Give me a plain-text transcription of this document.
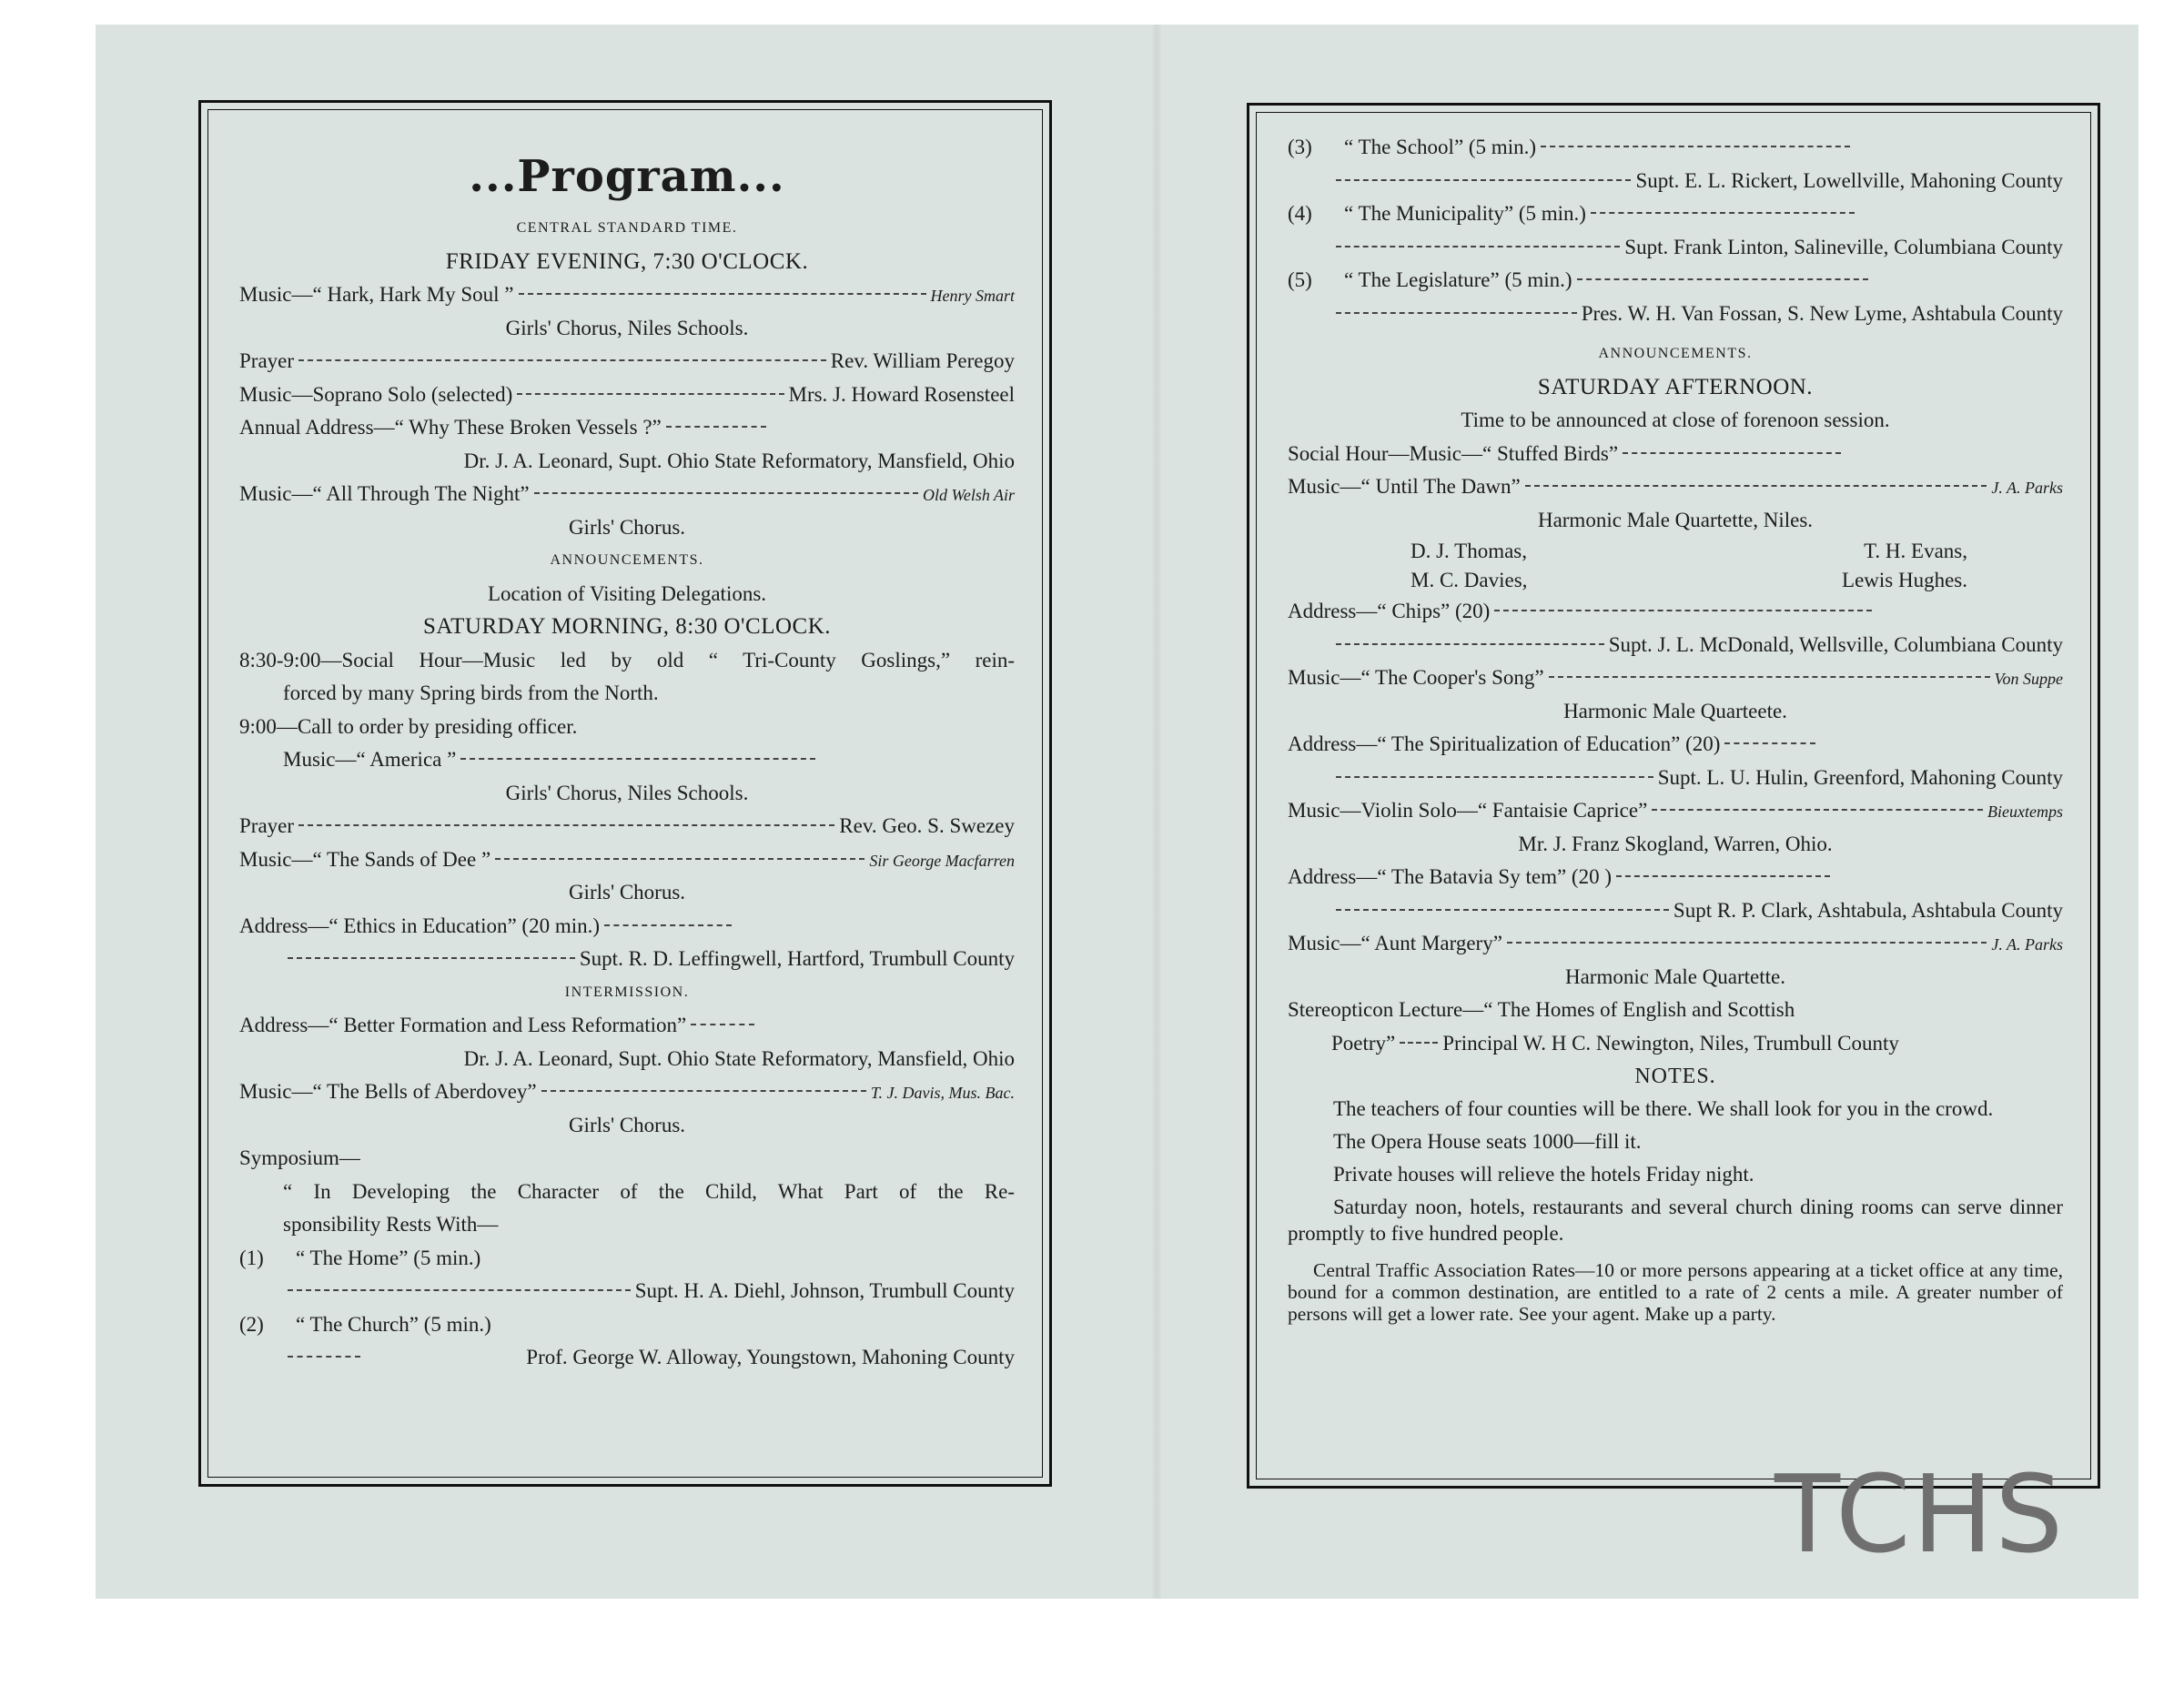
...Program...
CENTRAL STANDARD TIME.
FRIDAY EVENING, 7:30 O'CLOCK.
Music—“ Hark, Hark My Soul ”	Henry Smart
Girls' Chorus, Niles Schools.
Prayer	Rev. William Peregoy
Music—Soprano Solo (selected)	Mrs. J. Howard Rosensteel
Annual Address—“ Why These Broken Vessels ?”
Dr. J. A. Leonard, Supt. Ohio State Reformatory, Mansfield, Ohio
Music—“ All Through The Night”	Old Welsh Air
Girls' Chorus.
ANNOUNCEMENTS.
Location of Visiting Delegations.
SATURDAY MORNING, 8:30 O'CLOCK.
8:30-9:00—Social Hour—Music led by old “ Tri-County Goslings,” rein-
forced by many Spring birds from the North.
9:00—Call to order by presiding officer.
Music—“ America ”
Girls' Chorus, Niles Schools.
Prayer	Rev. Geo. S. Swezey
Music—“ The Sands of Dee ”	Sir George Macfarren
Girls' Chorus.
Address—“ Ethics in Education” (20 min.)
Supt. R. D. Leffingwell, Hartford, Trumbull County
INTERMISSION.
Address—“ Better Formation and Less Reformation”
Dr. J. A. Leonard, Supt. Ohio State Reformatory, Mansfield, Ohio
Music—“ The Bells of Aberdovey”	T. J. Davis, Mus. Bac.
Girls' Chorus.
Symposium—
“ In Developing the Character of the Child, What Part of the Re-
sponsibility Rests With—
(1) “ The Home” (5 min.)
Supt. H. A. Diehl, Johnson, Trumbull County
(2)	“ The Church” (5 min.)
Prof. George W. Alloway, Youngstown, Mahoning County
(3)	“ The School” (5 min.)
Supt. E. L. Rickert, Lowellville, Mahoning County
(4)	“ The Municipality” (5 min.)
Supt. Frank Linton, Salineville, Columbiana County
(5)	“ The Legislature” (5 min.)
Pres. W. H. Van Fossan, S. New Lyme, Ashtabula County
ANNOUNCEMENTS.
SATURDAY AFTERNOON.
Time to be announced at close of forenoon session.
Social Hour—Music—“ Stuffed Birds”
Music—“ Until The Dawn”	J. A. Parks
Harmonic Male Quartette, Niles.
D. J. Thomas,	T. H. Evans,
M. C. Davies,	Lewis Hughes.
Address—“ Chips” (20)
Supt. J. L. McDonald, Wellsville, Columbiana County
Music—“ The Cooper's Song”	Von Suppe
Harmonic Male Quarteete.
Address—“ The Spiritualization of Education” (20)
Supt. L. U. Hulin, Greenford, Mahoning County
Music—Violin Solo—“ Fantaisie Caprice”	Bieuxtemps
Mr. J. Franz Skogland, Warren, Ohio.
Address—“ The Batavia Sy tem” (20 )
Supt R. P. Clark, Ashtabula, Ashtabula County
Music—“ Aunt Margery”	J. A. Parks
Harmonic Male Quartette.
Stereopticon Lecture—“ The Homes of English and Scottish
Poetry” Principal W. H C. Newington, Niles, Trumbull County
NOTES.
The teachers of four counties will be there. We shall look for you in the crowd.
The Opera House seats 1000—fill it.
Private houses will relieve the hotels Friday night.
Saturday noon, hotels, restaurants and several church dining rooms can serve dinner promptly to five hundred people.
Central Traffic Association Rates—10 or more persons appearing at a ticket office at any time, bound for a common destination, are entitled to a rate of 2 cents a mile. A greater number of persons will get a lower rate. See your agent. Make up a party.
TCHS
